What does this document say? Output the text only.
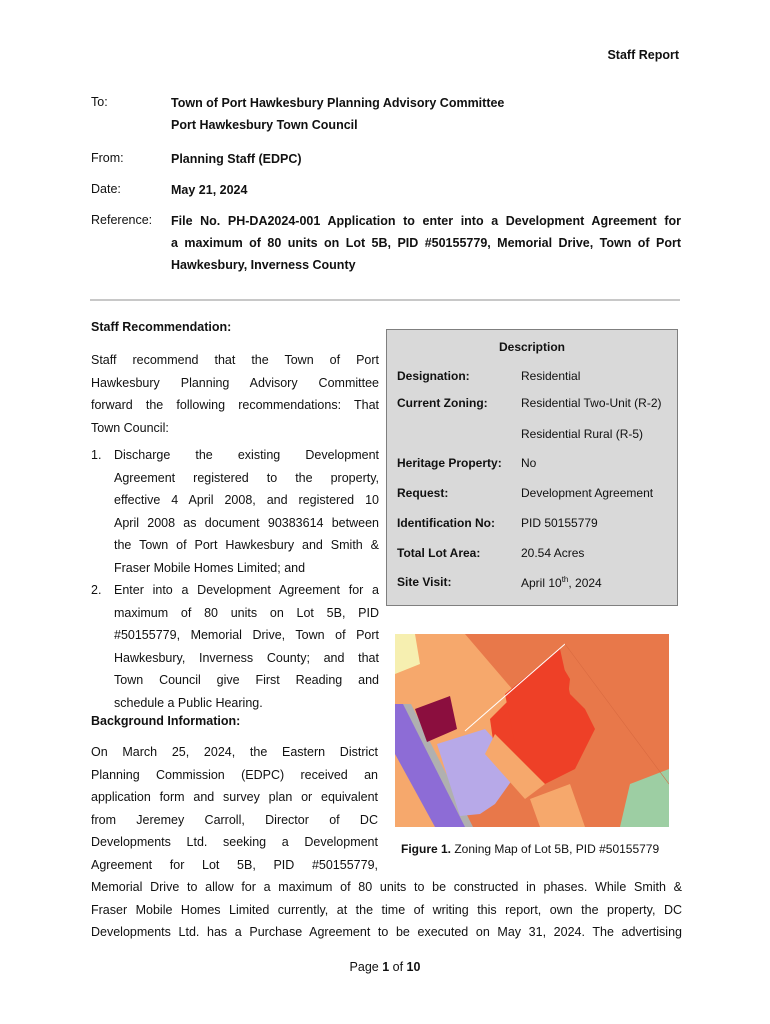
Staff Report
To:	Town of Port Hawkesbury Planning Advisory Committee
Port Hawkesbury Town Council
From:	Planning Staff (EDPC)
Date:	May 21, 2024
Reference: File No. PH-DA2024-001 Application to enter into a Development Agreement for
a maximum of 80 units on Lot 5B, PID #50155779, Memorial Drive, Town of Port
Hawkesbury, Inverness County
Staff Recommendation:
Staff recommend that the Town of Port
Hawkesbury Planning Advisory Committee
forward the following recommendations: That
Town Council:
1. Discharge the existing Development
Agreement registered to the property,
effective 4 April 2008, and registered 10
April 2008 as document 90383614 between
the Town of Port Hawkesbury and Smith &
Fraser Mobile Homes Limited; and
2. Enter into a Development Agreement for a
maximum of 80 units on Lot 5B, PID
#50155779, Memorial Drive, Town of Port
Hawkesbury, Inverness County; and that
Town Council give First Reading and
schedule a Public Hearing.
Description
Designation:	Residential
Current Zoning:	Residential Two-Unit (R-2)
Residential Rural (R-5)
Heritage Property: No
Request:	Development Agreement
Identification No: PID 50155779
Total Lot Area:	20.54 Acres
Site Visit:	April 10th, 2024
Figure 1. Zoning Map of Lot 5B, PID #50155779
Background Information:
On March 25, 2024, the Eastern District
Planning Commission (EDPC) received an
application form and survey plan or equivalent
from Jeremey Carroll, Director of DC
Developments Ltd. seeking a Development
Agreement for Lot 5B, PID #50155779,
Memorial Drive to allow for a maximum of 80 units to be constructed in phases. While Smith &
Fraser Mobile Homes Limited currently, at the time of writing this report, own the property, DC
Developments Ltd. has a Purchase Agreement to be executed on May 31, 2024. The advertising
Page 1 of 10
